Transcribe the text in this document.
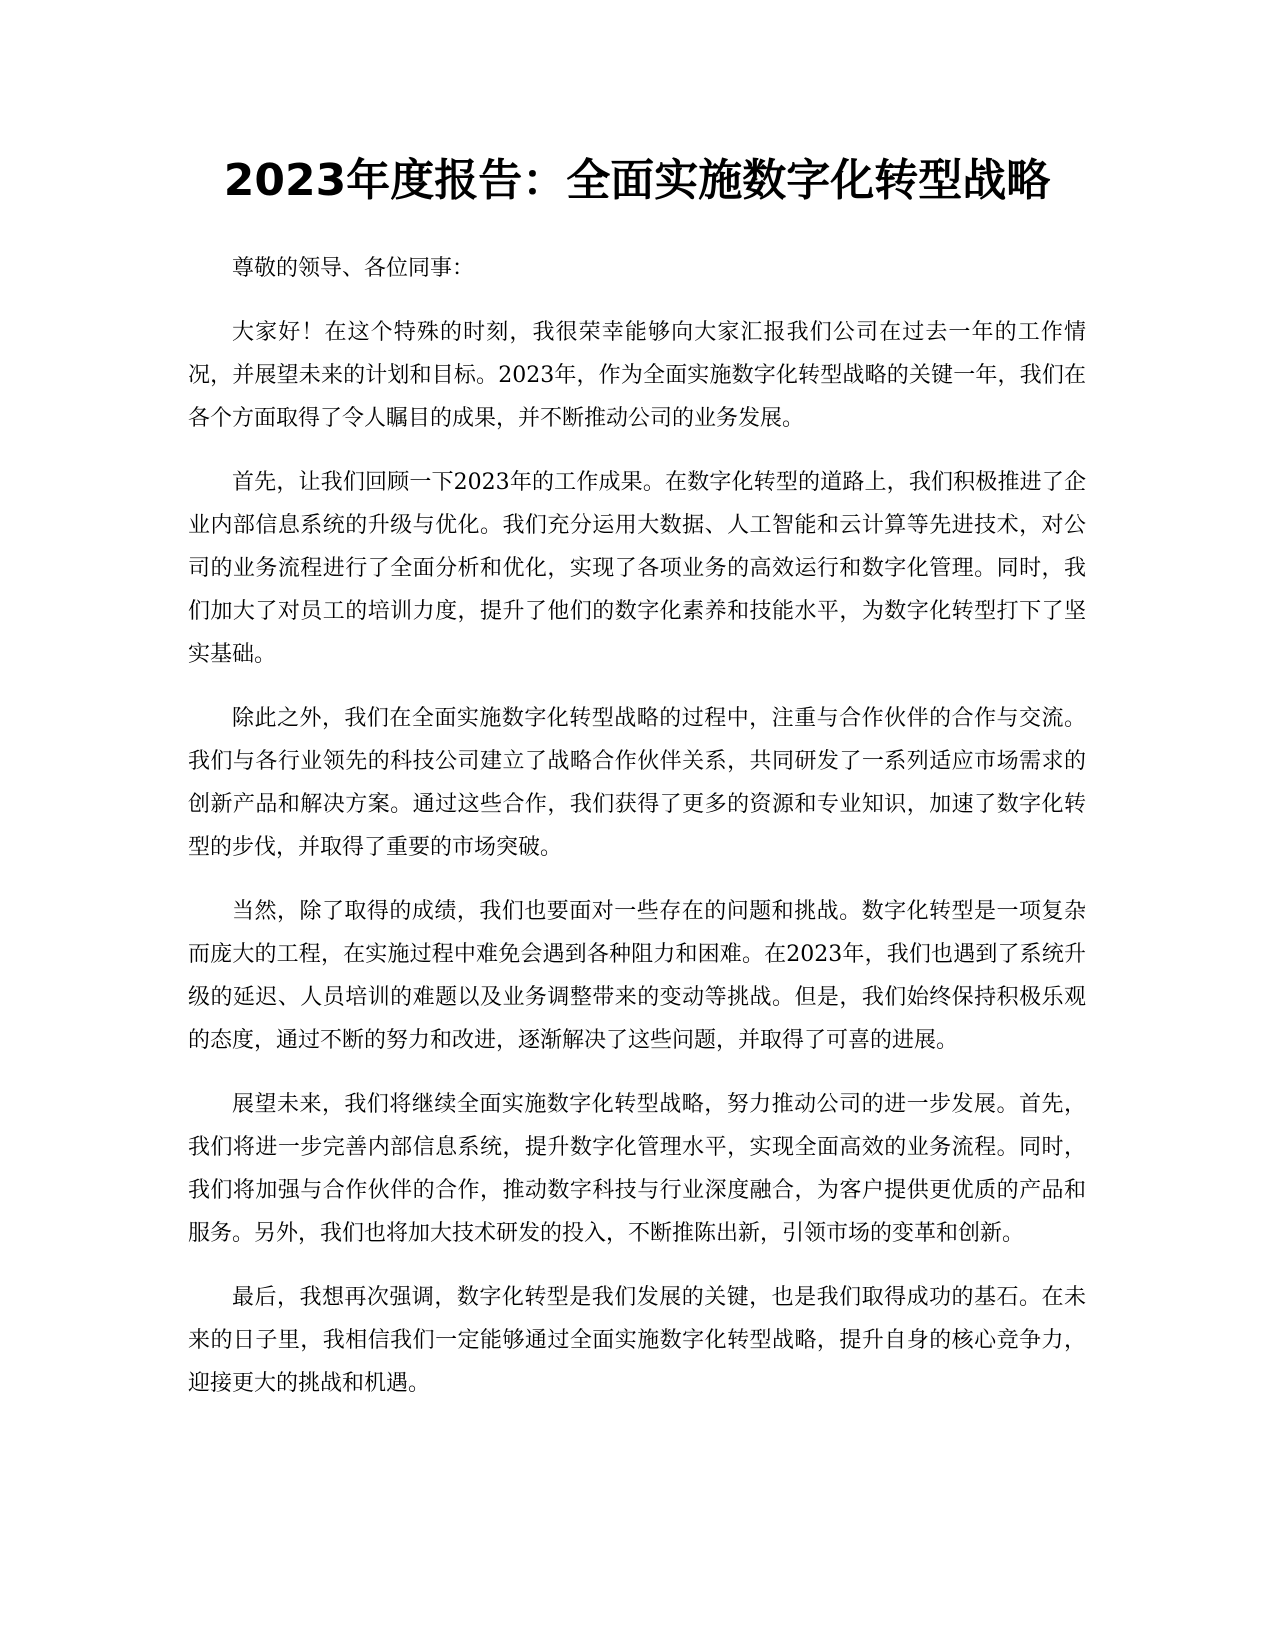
2023年度报告：全面实施数字化转型战略

尊敬的领导、各位同事：

大家好！在这个特殊的时刻，我很荣幸能够向大家汇报我们公司在过去一年的工作情况，并展望未来的计划和目标。2023年，作为全面实施数字化转型战略的关键一年，我们在各个方面取得了令人瞩目的成果，并不断推动公司的业务发展。

首先，让我们回顾一下2023年的工作成果。在数字化转型的道路上，我们积极推进了企业内部信息系统的升级与优化。我们充分运用大数据、人工智能和云计算等先进技术，对公司的业务流程进行了全面分析和优化，实现了各项业务的高效运行和数字化管理。同时，我们加大了对员工的培训力度，提升了他们的数字化素养和技能水平，为数字化转型打下了坚实基础。

除此之外，我们在全面实施数字化转型战略的过程中，注重与合作伙伴的合作与交流。我们与各行业领先的科技公司建立了战略合作伙伴关系，共同研发了一系列适应市场需求的创新产品和解决方案。通过这些合作，我们获得了更多的资源和专业知识，加速了数字化转型的步伐，并取得了重要的市场突破。

当然，除了取得的成绩，我们也要面对一些存在的问题和挑战。数字化转型是一项复杂而庞大的工程，在实施过程中难免会遇到各种阻力和困难。在2023年，我们也遇到了系统升级的延迟、人员培训的难题以及业务调整带来的变动等挑战。但是，我们始终保持积极乐观的态度，通过不断的努力和改进，逐渐解决了这些问题，并取得了可喜的进展。

展望未来，我们将继续全面实施数字化转型战略，努力推动公司的进一步发展。首先，我们将进一步完善内部信息系统，提升数字化管理水平，实现全面高效的业务流程。同时，我们将加强与合作伙伴的合作，推动数字科技与行业深度融合，为客户提供更优质的产品和服务。另外，我们也将加大技术研发的投入，不断推陈出新，引领市场的变革和创新。

最后，我想再次强调，数字化转型是我们发展的关键，也是我们取得成功的基石。在未来的日子里，我相信我们一定能够通过全面实施数字化转型战略，提升自身的核心竞争力，迎接更大的挑战和机遇。
